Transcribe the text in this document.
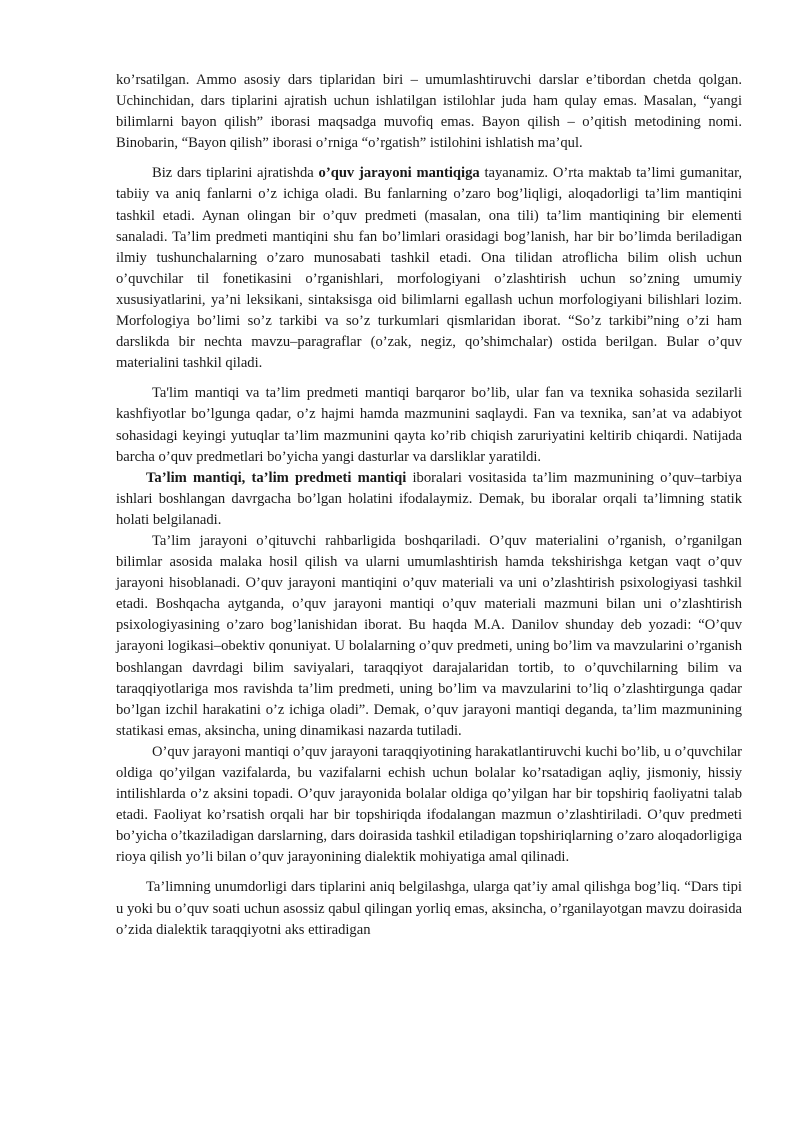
ko’rsatilgan. Ammo asosiy dars tiplaridan biri – umumlashtiruvchi darslar e’tibordan chetda qolgan. Uchinchidan, dars tiplarini ajratish uchun ishlatilgan istilohlar juda ham qulay emas. Masalan, “yangi bilimlarni bayon qilish” iborasi maqsadga muvofiq emas. Bayon qilish – o’qitish metodining nomi. Binobarin, “Bayon qilish” iborasi o’rniga “o’rgatish” istilohini ishlatish ma’qul.

Biz dars tiplarini ajratishda o’quv jarayoni mantiqiga tayanamiz. O’rta maktab ta’limi gumanitar, tabiiy va aniq fanlarni o’z ichiga oladi. Bu fanlarning o’zaro bog’liqligi, aloqadorligi ta’lim mantiqini tashkil etadi. Aynan olingan bir o’quv predmeti (masalan, ona tili) ta’lim mantiqining bir elementi sanaladi. Ta’lim predmeti mantiqini shu fan bo’limlari orasidagi bog’lanish, har bir bo’limda beriladigan ilmiy tushunchalarning o’zaro munosabati tashkil etadi. Ona tilidan atroflicha bilim olish uchun o’quvchilar til fonetikasini o’rganishlari, morfologiyani o’zlashtirish uchun so’zning umumiy xususiyatlarini, ya’ni leksikani, sintaksisga oid bilimlarni egallash uchun morfologiyani bilishlari lozim. Morfologiya bo’limi so’z tarkibi va so’z turkumlari qismlaridan iborat. “So’z tarkibi”ning o’zi ham darslikda bir nechta mavzu–paragraflar (o’zak, negiz, qo’shimchalar) ostida berilgan. Bular o’quv materialini tashkil qiladi.

Ta'lim mantiqi va ta’lim predmeti mantiqi barqaror bo’lib, ular fan va texnika sohasida sezilarli kashfiyotlar bo’lgunga qadar, o’z hajmi hamda mazmunini saqlaydi. Fan va texnika, san’at va adabiyot sohasidagi keyingi yutuqlar ta’lim mazmunini qayta ko’rib chiqish zaruriyatini keltirib chiqardi. Natijada barcha o’quv predmetlari bo’yicha yangi dasturlar va darsliklar yaratildi.

Ta’lim mantiqi, ta’lim predmeti mantiqi iboralari vositasida ta’lim mazmunining o’quv–tarbiya ishlari boshlangan davrgacha bo’lgan holatini ifodalaymiz. Demak, bu iboralar orqali ta’limning statik holati belgilanadi.

Ta’lim jarayoni o’qituvchi rahbarligida boshqariladi. O’quv materialini o’rganish, o’rganilgan bilimlar asosida malaka hosil qilish va ularni umumlashtirish hamda tekshirishga ketgan vaqt o’quv jarayoni hisoblanadi. O’quv jarayoni mantiqini o’quv materiali va uni o’zlashtirish psixologiyasi tashkil etadi. Boshqacha aytganda, o’quv jarayoni mantiqi o’quv materiali mazmuni bilan uni o’zlashtirish psixologiyasining o’zaro bog’lanishidan iborat. Bu haqda M.A. Danilov shunday deb yozadi: “O’quv jarayoni logikasi–obektiv qonuniyat. U bolalarning o’quv predmeti, uning bo’lim va mavzularini o’rganish boshlangan davrdagi bilim saviyalari, taraqqiyot darajalaridan tortib, to o’quvchilarning bilim va taraqqiyotlariga mos ravishda ta’lim predmeti, uning bo’lim va mavzularini to’liq o’zlashtirgunga qadar bo’lgan izchil harakatini o’z ichiga oladi”. Demak, o’quv jarayoni mantiqi deganda, ta’lim mazmunining statikasi emas, aksincha, uning dinamikasi nazarda tutiladi.

O’quv jarayoni mantiqi o’quv jarayoni taraqqiyotining harakatlantiruvchi kuchi bo’lib, u o’quvchilar oldiga qo’yilgan vazifalarda, bu vazifalarni echish uchun bolalar ko’rsatadigan aqliy, jismoniy, hissiy intilishlarda o’z aksini topadi. O’quv jarayonida bolalar oldiga qo’yilgan har bir topshiriq faoliyatni talab etadi. Faoliyat ko’rsatish orqali har bir topshiriqda ifodalangan mazmun o’zlashtiriladi. O’quv predmeti bo’yicha o’tkaziladigan darslarning, dars doirasida tashkil etiladigan topshiriqlarning o’zaro aloqadorligiga rioya qilish yo’li bilan o’quv jarayonining dialektik mohiyatiga amal qilinadi.

Ta’limning unumdorligi dars tiplarini aniq belgilashga, ularga qat’iy amal qilishga bog’liq. “Dars tipi u yoki bu o’quv soati uchun asossiz qabul qilingan yorliq emas, aksincha, o’rganilayotgan mavzu doirasida o’zida dialektik taraqqiyotni aks ettiradigan
